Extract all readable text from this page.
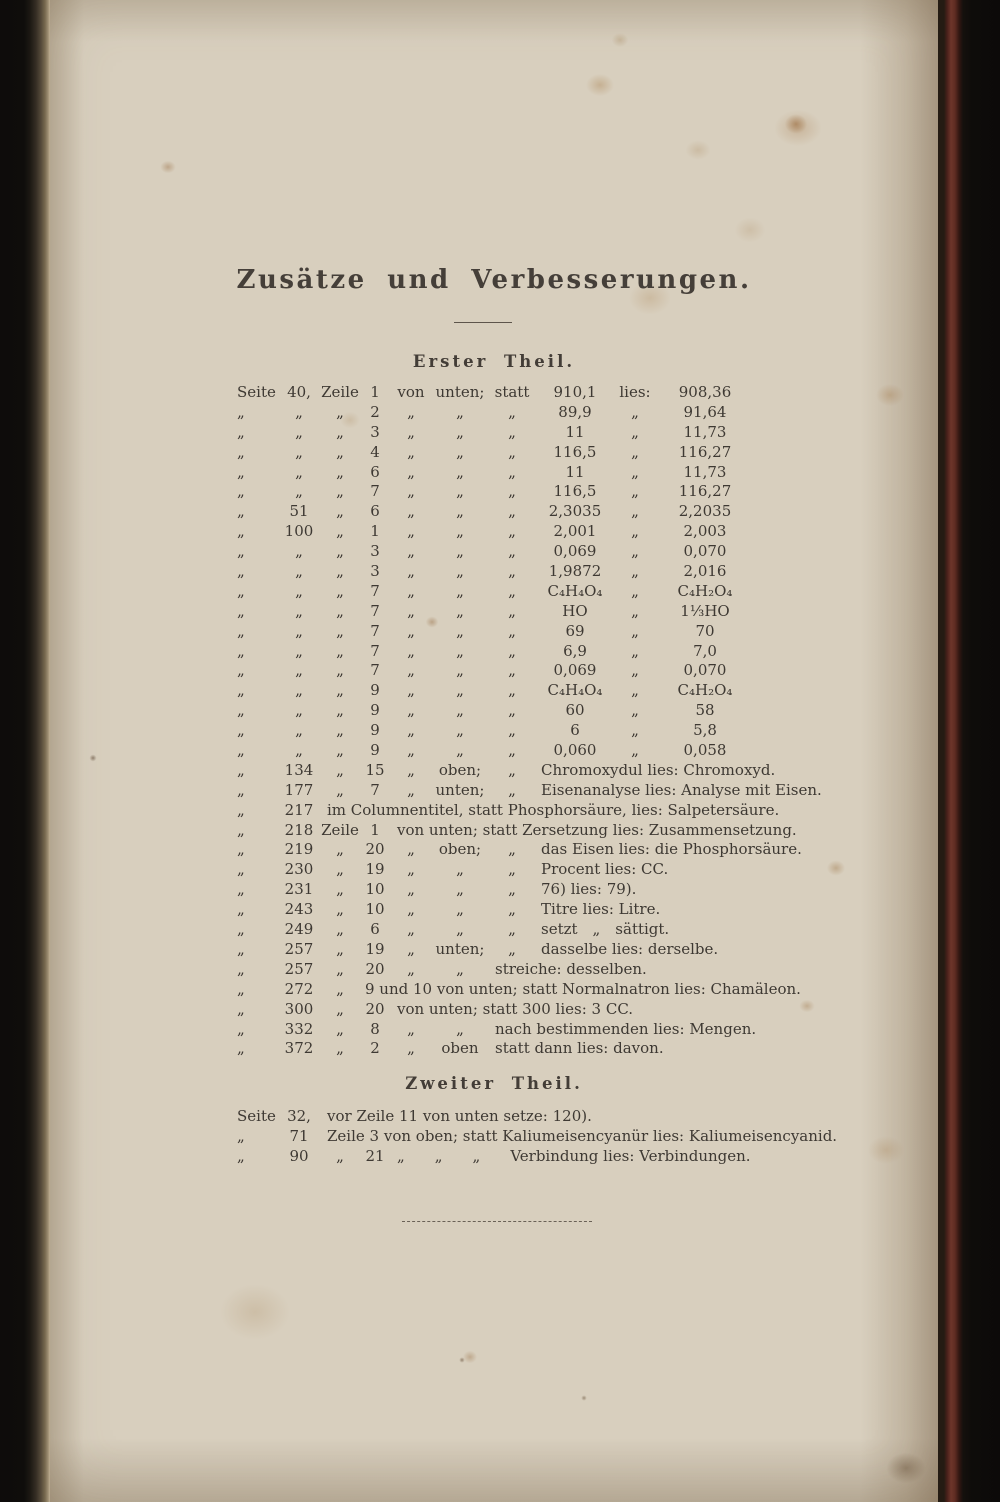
Zusätze und Verbesserungen.
Erster Theil.
Seite 40, Zeile 1 von unten; statt 910,1 lies: 908,36
„	„ „ 2 „	„	„	89,9	„	91,64
„	„ „ 3 „	„	„	11	„	11,73
„	„ „ 4 „	„	„	116,5 „	116,27
„	„ „ 6 „	„	„	11	„	11,73
„	„ „ 7 „	„	„	116,5 „	116,27
„	51 „ 6 „	„	„ 2,3035 „	2,2035
„	100 „ 1 „	„	„	2,001 „	2,003
„	„ „ 3 „	„	„	0,069 „	0,070
„	„ „ 3 „	„	„ 1,9872 „	2,016
„	„ „ 7 „	„	„ C₄H₄O₄ „	C₄H₂O₄
„	„ „ 7 „	„	„	HO	„	1⅓HO
„	„ „ 7 „	„	„	69	„	70
„	„ „ 7 „	„	„	6,9	„	7,0
„	„ „ 7 „	„	„	0,069 „	0,070
„	„ „ 9 „	„	„ C₄H₄O₄ „	C₄H₂O₄
„	„ „ 9 „	„	„	60	„	58
„	„ „ 9 „	„	„	6	„	5,8
„	„ „ 9 „	„	„	0,060 „	0,058
„	134 „ 15 „ oben; „ Chromoxydul lies: Chromoxyd.
„	177 „ 7 „ unten; „ Eisenanalyse lies: Analyse mit Eisen.
„	217 im Columnentitel, statt Phosphorsäure, lies: Salpetersäure.
„	218 Zeile 1 von unten; statt Zersetzung lies: Zusammensetzung.
„	219 „ 20 „ oben; „ das Eisen lies: die Phosphorsäure.
„	230 „ 19 „	„	„ Procent lies: CC.
„	231 „ 10 „	„	„ 76) lies: 79).
„	243 „ 10 „	„	„ Titre lies: Litre.
„	249 „ 6 „	„	„ setzt „ sättigt.
„	257 „ 19 „ unten; „ dasselbe lies: derselbe.
„	257 „ 20 „	„ streiche: desselben.
„	272 „ 9 und 10 von unten; statt Normalnatron lies: Chamäleon.
„	300 „ 20 von unten; statt 300 lies: 3 CC.
„	332 „ 8 „	„ nach bestimmenden lies: Mengen.
„	372 „ 2 „ oben statt dann lies: davon.
Zweiter Theil.
Seite 32, vor Zeile 11 von unten setze: 120).
„	71 Zeile 3 von oben; statt Kaliumeisencyanür lies: Kaliumeisencyanid.
„	90 „ 21 „  „  „  Verbindung lies: Verbindungen.
